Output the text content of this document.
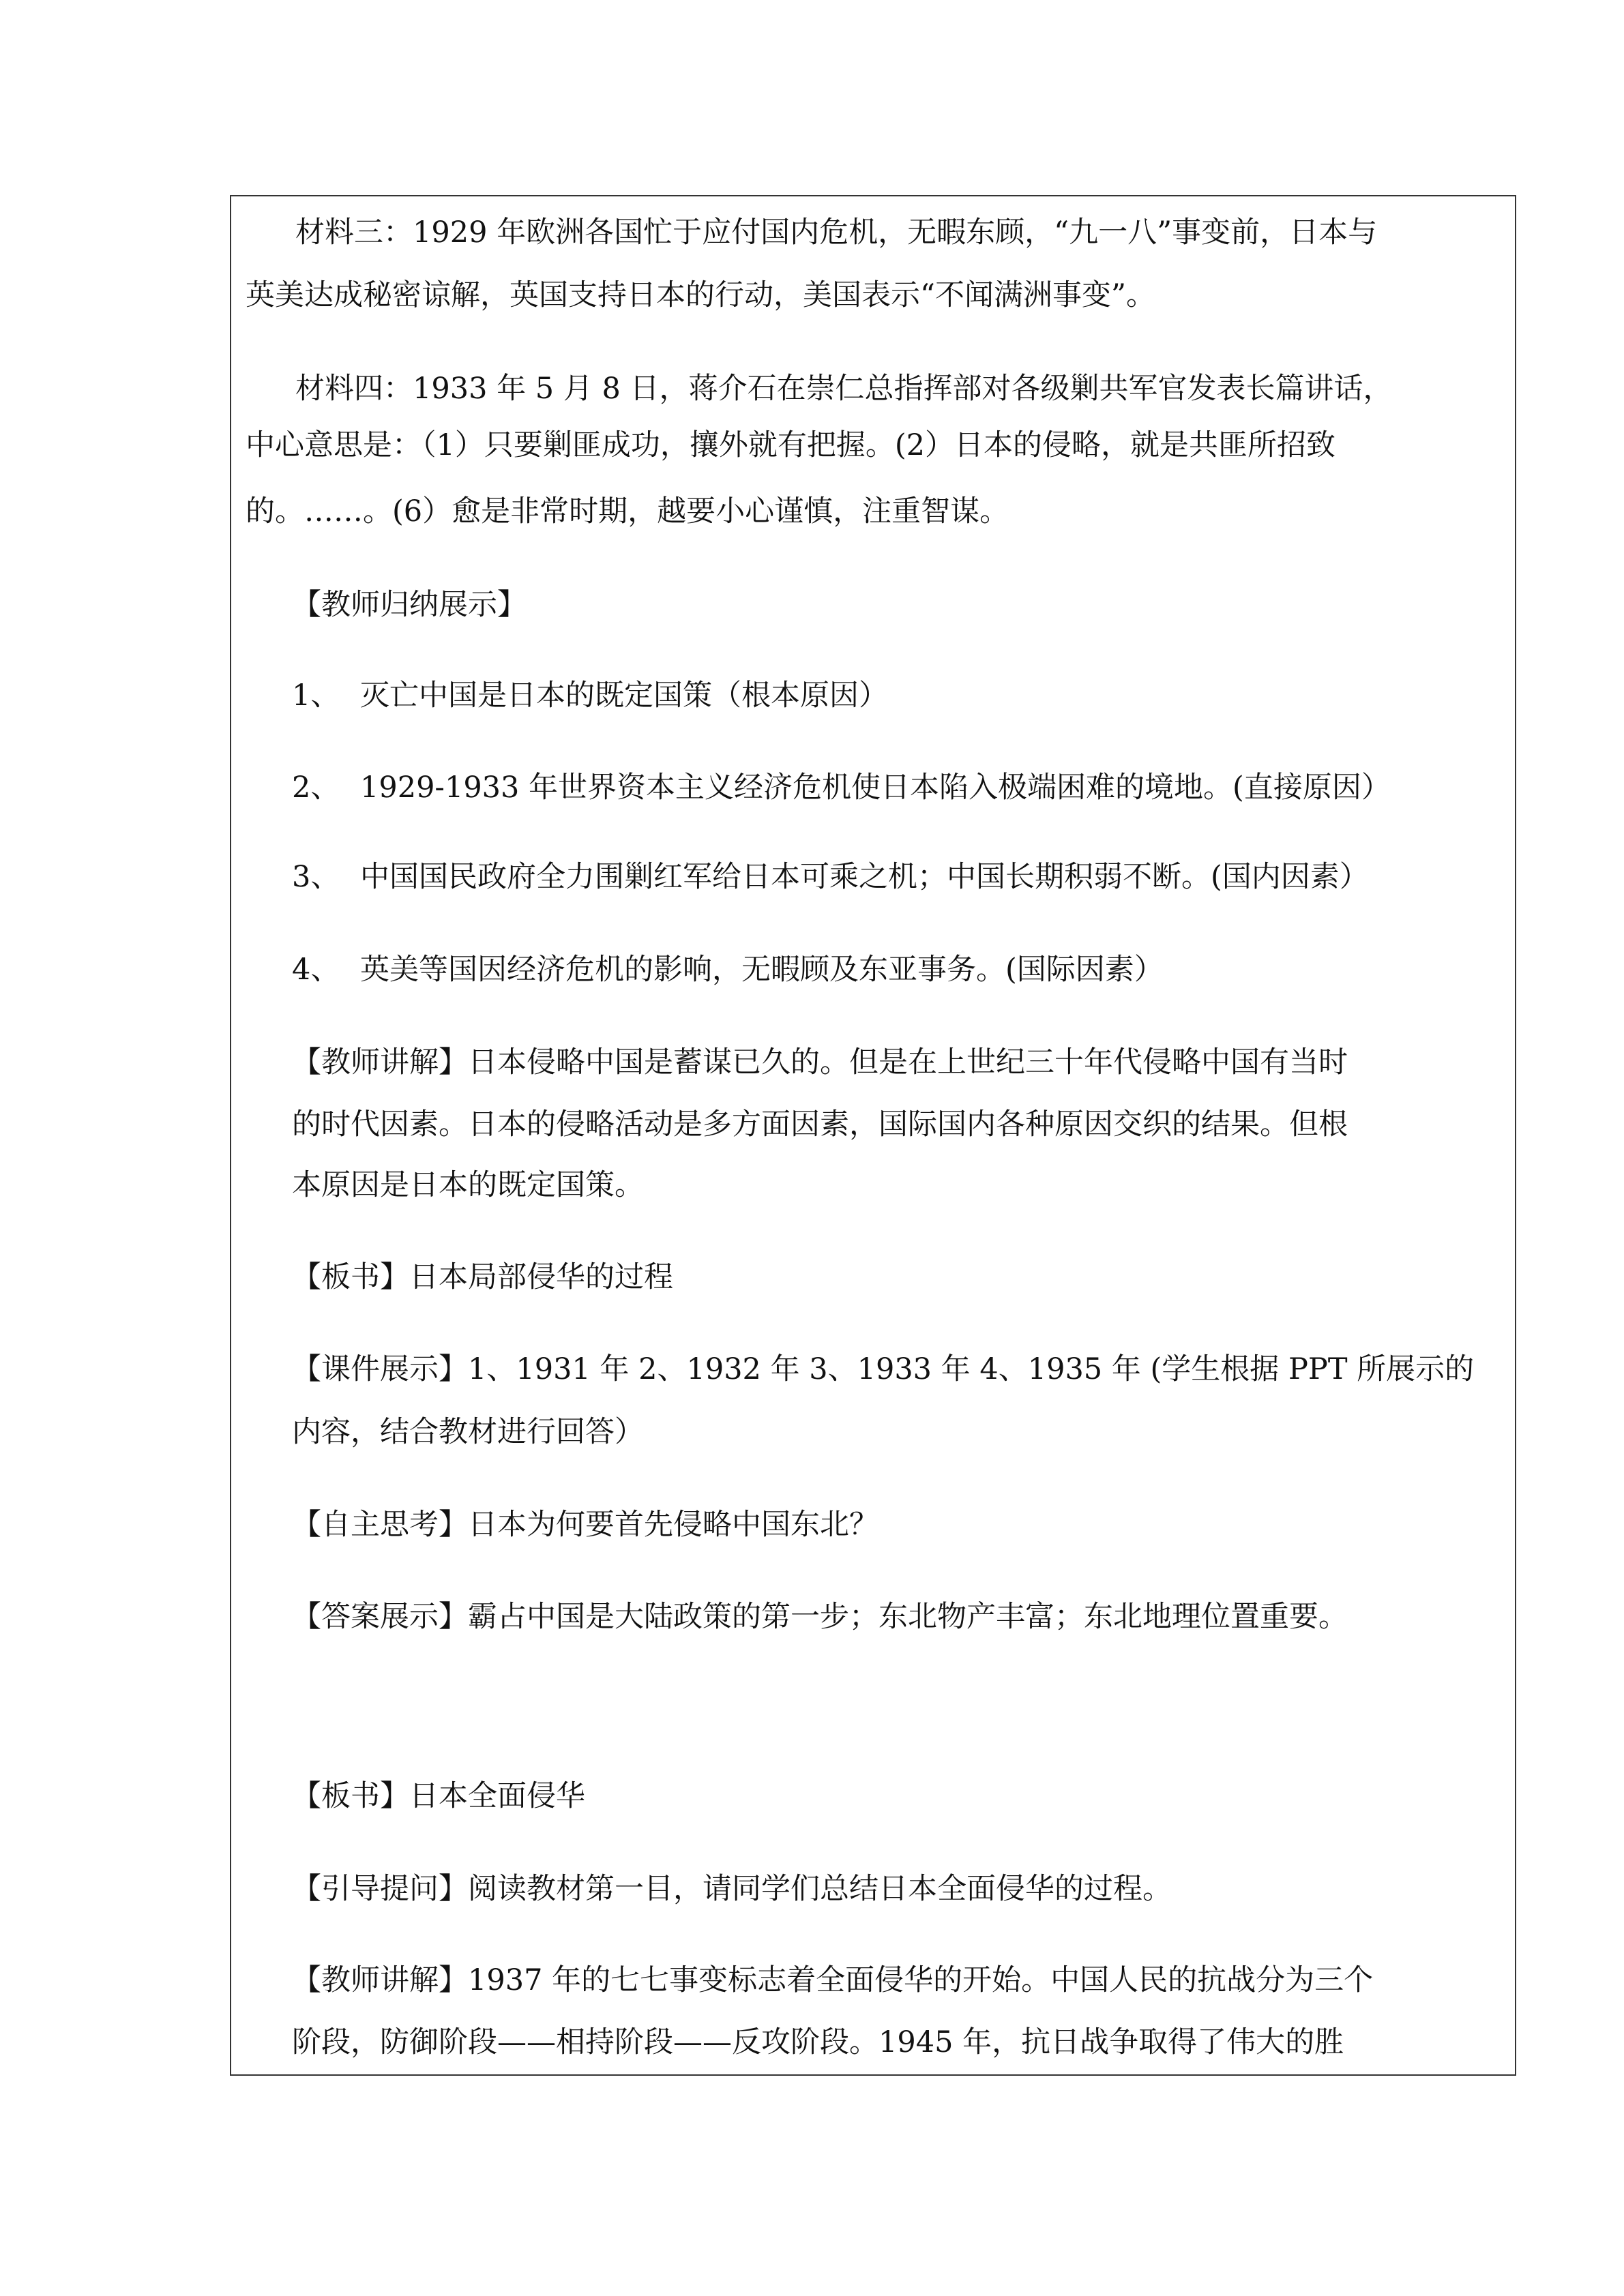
材料三：1929 年欧洲各国忙于应付国内危机，无暇东顾，“九一八”事变前，日本与

英美达成秘密谅解，英国支持日本的行动，美国表示“不闻满洲事变”。

材料四：1933 年 5 月 8 日，蒋介石在崇仁总指挥部对各级剿共军官发表长篇讲话，

中心意思是：（1）只要剿匪成功，攘外就有把握。(2）日本的侵略，就是共匪所招致

的。……。(6）愈是非常时期，越要小心谨慎，注重智谋。

【教师归纳展示】

1、 灭亡中国是日本的既定国策（根本原因）

2、 1929-1933 年世界资本主义经济危机使日本陷入极端困难的境地。(直接原因）

3、 中国国民政府全力围剿红军给日本可乘之机；中国长期积弱不断。(国内因素）

4、 英美等国因经济危机的影响，无暇顾及东亚事务。(国际因素）

【教师讲解】日本侵略中国是蓄谋已久的。但是在上世纪三十年代侵略中国有当时

的时代因素。日本的侵略活动是多方面因素，国际国内各种原因交织的结果。但根

本原因是日本的既定国策。

【板书】日本局部侵华的过程

【课件展示】1、1931 年 2、1932 年 3、1933 年 4、1935 年 (学生根据 PPT 所展示的

内容，结合教材进行回答）

【自主思考】日本为何要首先侵略中国东北？

【答案展示】霸占中国是大陆政策的第一步；东北物产丰富；东北地理位置重要。

【板书】日本全面侵华

【引导提问】阅读教材第一目，请同学们总结日本全面侵华的过程。

【教师讲解】1937 年的七七事变标志着全面侵华的开始。中国人民的抗战分为三个

阶段，防御阶段——相持阶段——反攻阶段。1945 年，抗日战争取得了伟大的胜
